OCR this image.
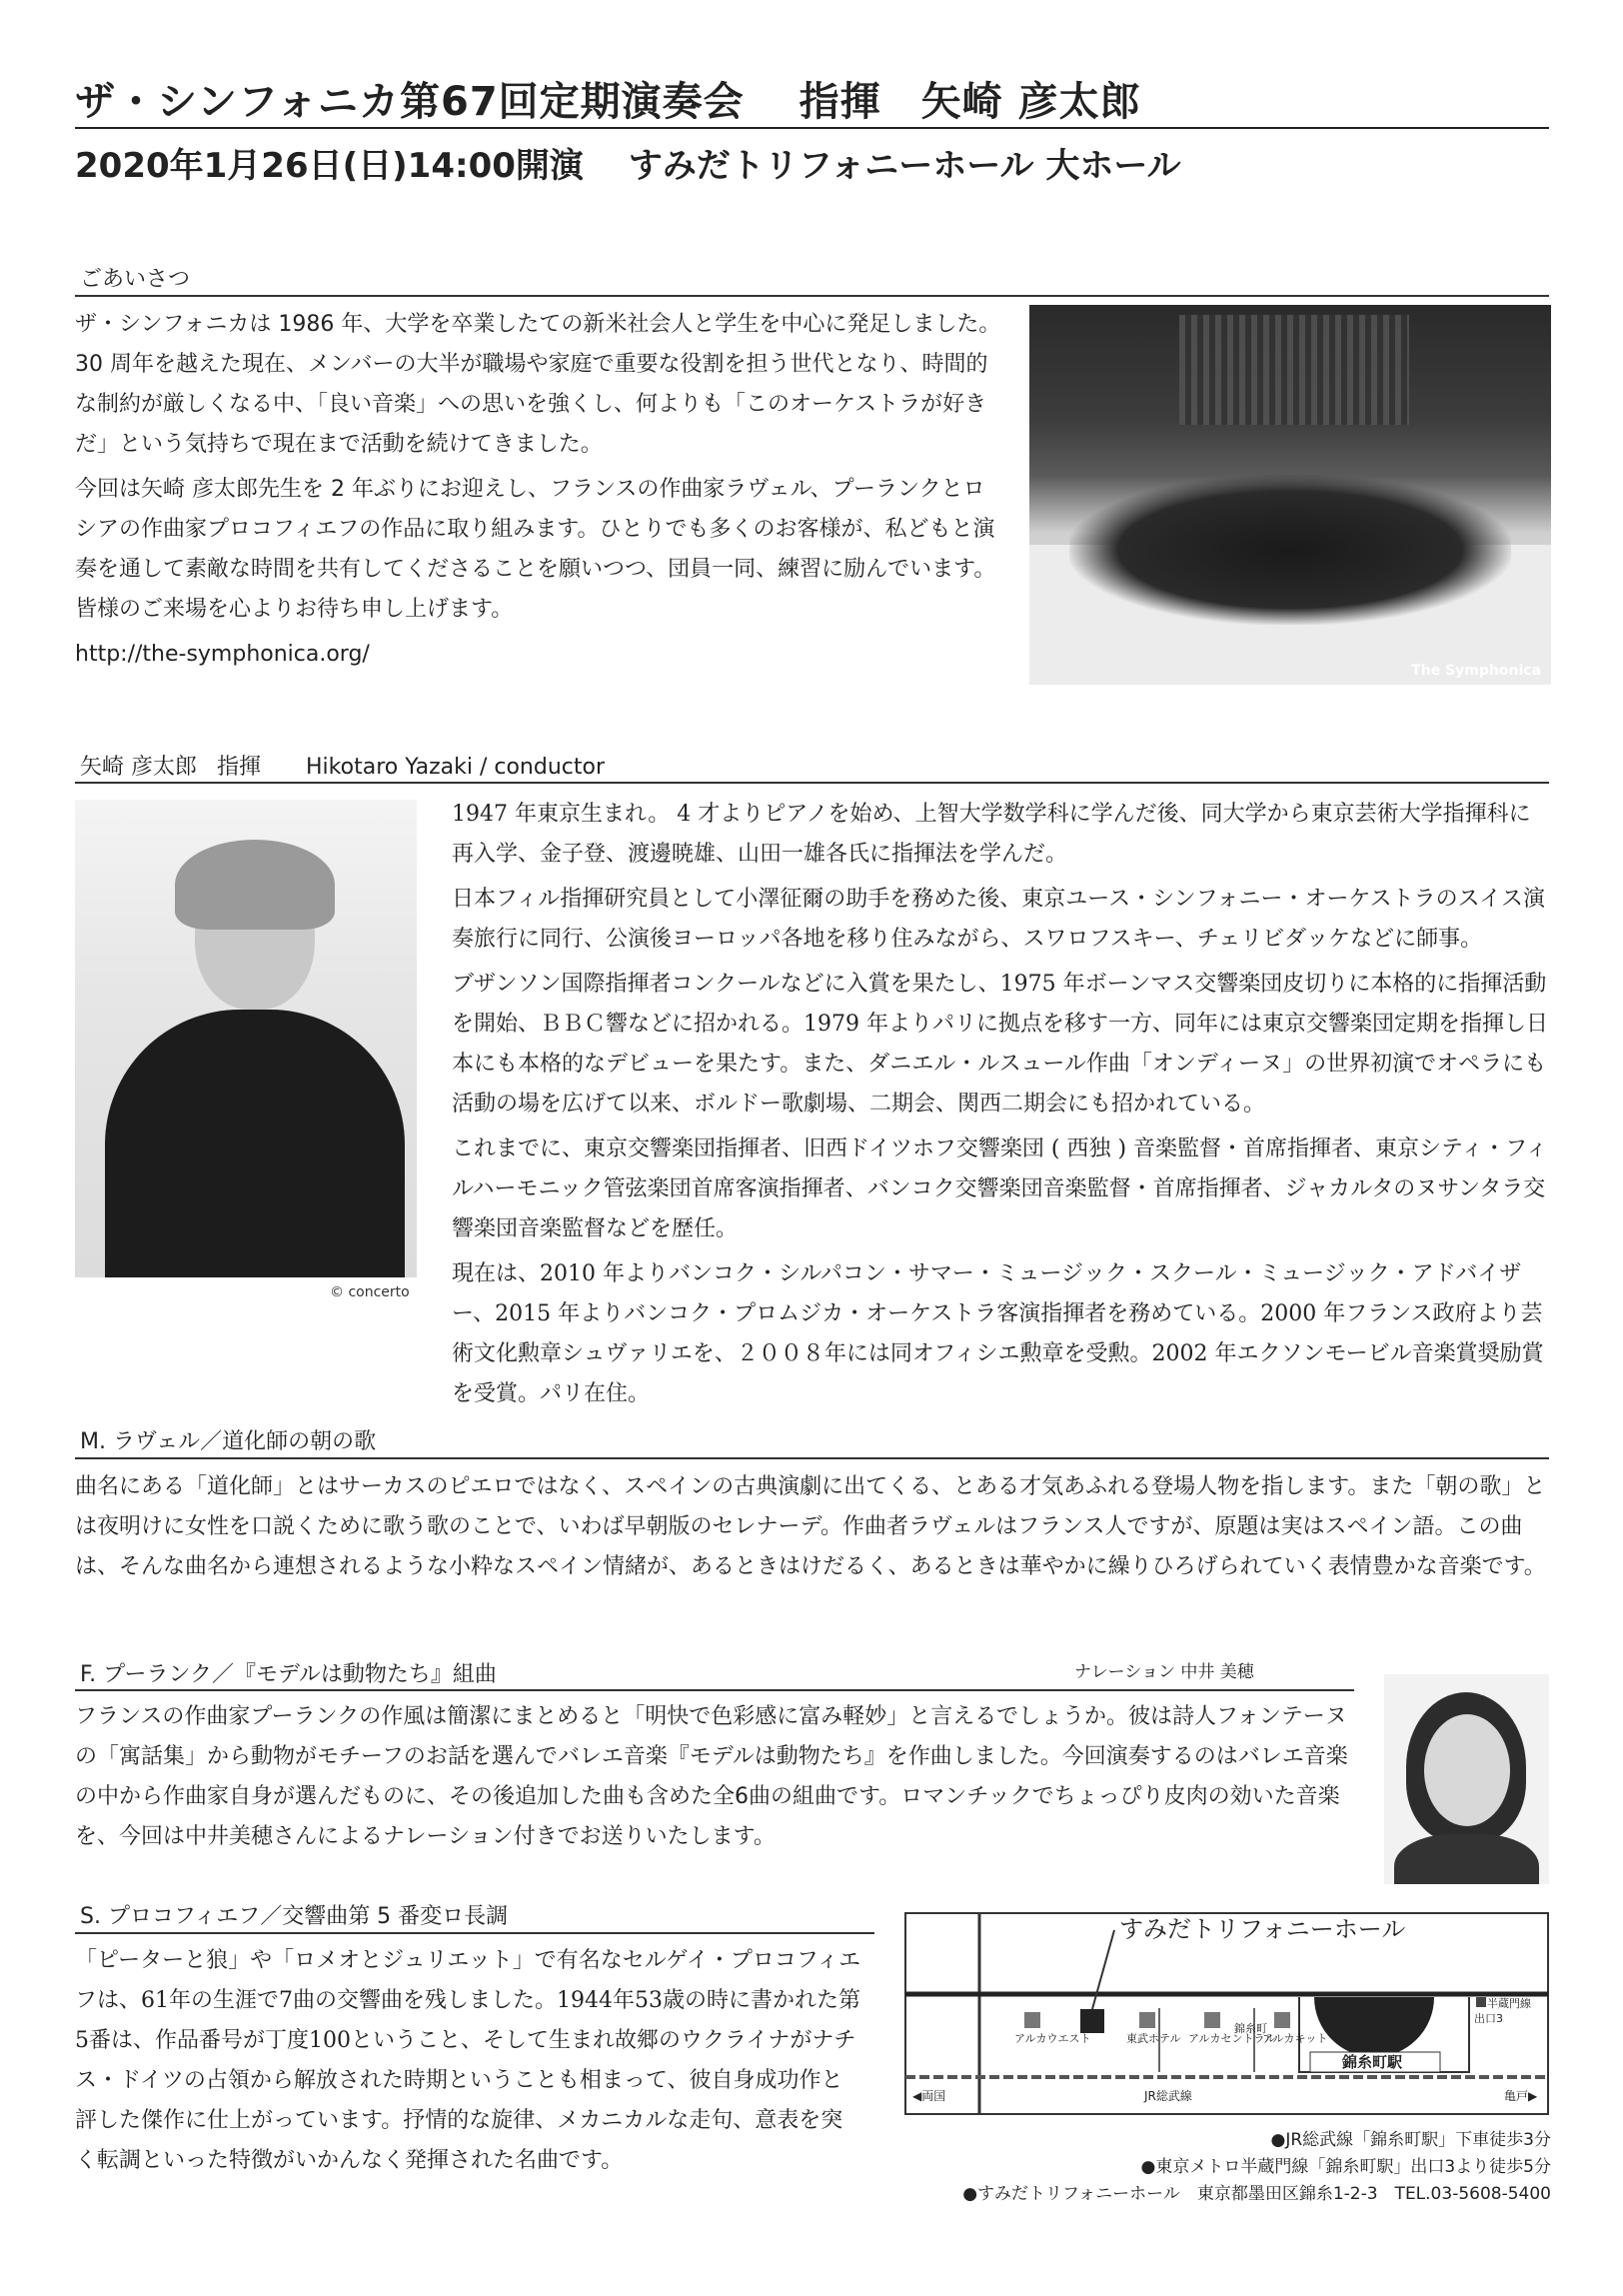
ザ・シンフォニカ第67回定期演奏会 指揮 矢崎 彦太郎
2020年1月26日(日)14:00開演 すみだトリフォニーホール 大ホール
ごあいさつ

ザ・シンフォニカは 1986 年、大学を卒業したての新米社会人と学生を中心に発足しました。30 周年を越えた現在、メンバーの大半が職場や家庭で重要な役割を担う世代となり、時間的な制約が厳しくなる中、「良い音楽」への思いを強くし、何よりも「このオーケストラが好きだ」という気持ちで現在まで活動を続けてきました。

今回は矢崎 彦太郎先生を 2 年ぶりにお迎えし、フランスの作曲家ラヴェル、プーランクとロシアの作曲家プロコフィエフの作品に取り組みます。ひとりでも多くのお客様が、私どもと演奏を通して素敵な時間を共有してくださることを願いつつ、団員一同、練習に励んでいます。皆様のご来場を心よりお待ち申し上げます。

http://the-symphonica.org/

The Symphonica
矢崎 彦太郎 指揮 Hikotaro Yazaki / conductor
© concerto

1947 年東京生まれ。 4 才よりピアノを始め、上智大学数学科に学んだ後、同大学から東京芸術大学指揮科に再入学、金子登、渡邊暁雄、山田一雄各氏に指揮法を学んだ。

日本フィル指揮研究員として小澤征爾の助手を務めた後、東京ユース・シンフォニー・オーケストラのスイス演奏旅行に同行、公演後ヨーロッパ各地を移り住みながら、スワロフスキー、チェリビダッケなどに師事。

ブザンソン国際指揮者コンクールなどに入賞を果たし、1975 年ボーンマス交響楽団皮切りに本格的に指揮活動を開始、ＢＢＣ響などに招かれる。1979 年よりパリに拠点を移す一方、同年には東京交響楽団定期を指揮し日本にも本格的なデビューを果たす。また、ダニエル・ルスュール作曲「オンディーヌ」の世界初演でオペラにも活動の場を広げて以来、ボルドー歌劇場、二期会、関西二期会にも招かれている。

これまでに、東京交響楽団指揮者、旧西ドイツホフ交響楽団 ( 西独 ) 音楽監督・首席指揮者、東京シティ・フィルハーモニック管弦楽団首席客演指揮者、バンコク交響楽団音楽監督・首席指揮者、ジャカルタのヌサンタラ交響楽団音楽監督などを歴任。

現在は、2010 年よりバンコク・シルパコン・サマー・ミュージック・スクール・ミュージック・アドバイザー、2015 年よりバンコク・プロムジカ・オーケストラ客演指揮者を務めている。2000 年フランス政府より芸術文化勲章シュヴァリエを、２００８年には同オフィシエ勲章を受勲。2002 年エクソンモービル音楽賞奨励賞を受賞。パリ在住。

M. ラヴェル／道化師の朝の歌

曲名にある「道化師」とはサーカスのピエロではなく、スペインの古典演劇に出てくる、とある才気あふれる登場人物を指します。また「朝の歌」とは夜明けに女性を口説くために歌う歌のことで、いわば早朝版のセレナーデ。作曲者ラヴェルはフランス人ですが、原題は実はスペイン語。この曲は、そんな曲名から連想されるような小粋なスペイン情緒が、あるときはけだるく、あるときは華やかに繰りひろげられていく表情豊かな音楽です。

F. プーランク／『モデルは動物たち』組曲	ナレーション 中井 美穂

フランスの作曲家プーランクの作風は簡潔にまとめると「明快で色彩感に富み軽妙」と言えるでしょうか。彼は詩人フォンテーヌの「寓話集」から動物がモチーフのお話を選んでバレエ音楽『モデルは動物たち』を作曲しました。今回演奏するのはバレエ音楽の中から作曲家自身が選んだものに、その後追加した曲も含めた全6曲の組曲です。ロマンチックでちょっぴり皮肉の効いた音楽を、今回は中井美穂さんによるナレーション付きでお送りいたします。

S. プロコフィエフ／交響曲第 5 番変ロ長調

「ピーターと狼」や「ロメオとジュリエット」で有名なセルゲイ・プロコフィエフは、61年の生涯で7曲の交響曲を残しました。1944年53歳の時に書かれた第5番は、作品番号が丁度100ということ、そして生まれ故郷のウクライナがナチス・ドイツの占領から解放された時期ということも相まって、彼自身成功作と評した傑作に仕上がっています。抒情的な旋律、メカニカルな走句、意表を突く転調といった特徴がいかんなく発揮された名曲です。

すみだトリフォニーホール
アルカウエスト	東武ホテル アルカセントラル
錦糸町
アルカキット	北口
出口3
半蔵門線
錦糸町駅
◀両国	JR総武線	亀戸▶
●JR総武線「錦糸町駅」下車徒歩3分
●東京メトロ半蔵門線「錦糸町駅」出口3より徒歩5分
●すみだトリフォニーホール　東京都墨田区錦糸1-2-3　TEL.03-5608-5400
